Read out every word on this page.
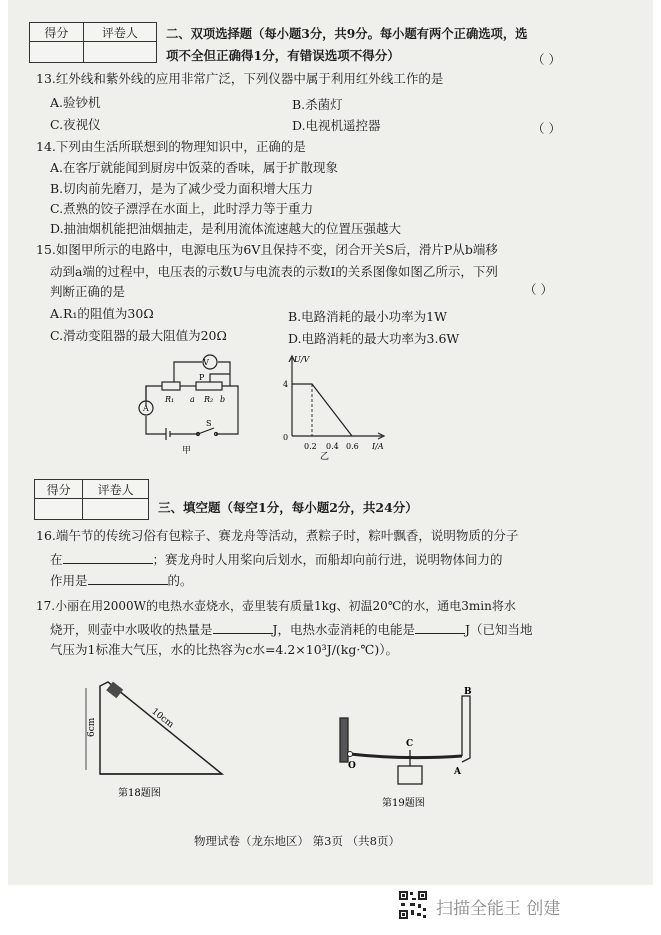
得分	评卷人
	二、双项选择题（每小题3分，共9分。每小题有两个正确选项，选
项不全但正确得1分，有错误选项不得分）	（ ）
13.红外线和紫外线的应用非常广泛，下列仪器中属于利用红外线工作的是
A.验钞机	B.杀菌灯
C.夜视仪	D.电视机遥控器	（ ）
14.下列由生活所联想到的物理知识中，正确的是
A.在客厅就能闻到厨房中饭菜的香味，属于扩散现象
B.切肉前先磨刀，是为了减少受力面积增大压力
C.煮熟的饺子漂浮在水面上，此时浮力等于重力
D.抽油烟机能把油烟抽走，是利用流体流速越大的位置压强越大
15.如图甲所示的电路中，电源电压为6V且保持不变，闭合开关S后，滑片P从b端移
动到a端的过程中，电压表的示数U与电流表的示数I的关系图像如图乙所示，下列
判断正确的是	（ ）
A.R₁的阻值为30Ω	B.电路消耗的最小功率为1W
C.滑动变阻器的最大阻值为20Ω	D.电路消耗的最大功率为3.6W
V
A
R₁ a R₂ b
P
S
甲
U/V
I/A
4
0
0.2 0.4 0.6
乙
得分	评卷人

三、填空题（每空1分，每小题2分，共24分）
16.端午节的传统习俗有包粽子、赛龙舟等活动，煮粽子时，粽叶飘香，说明物质的分子
在	；赛龙舟时人用桨向后划水，而船却向前行进，说明物体间力的
作用是	的。
17.小丽在用2000W的电热水壶烧水，壶里装有质量1kg、初温20℃的水，通电3min将水
烧开，则壶中水吸收的热量是	J，电热水壶消耗的电能是	J（已知当地
气压为1标准大气压，水的比热容为c水=4.2×10³J/(kg·℃)）。
6cm	10cm
第18题图
B
C
O
A
第19题图
物理试卷（龙东地区） 第3页 （共8页）
扫描全能王 创建
